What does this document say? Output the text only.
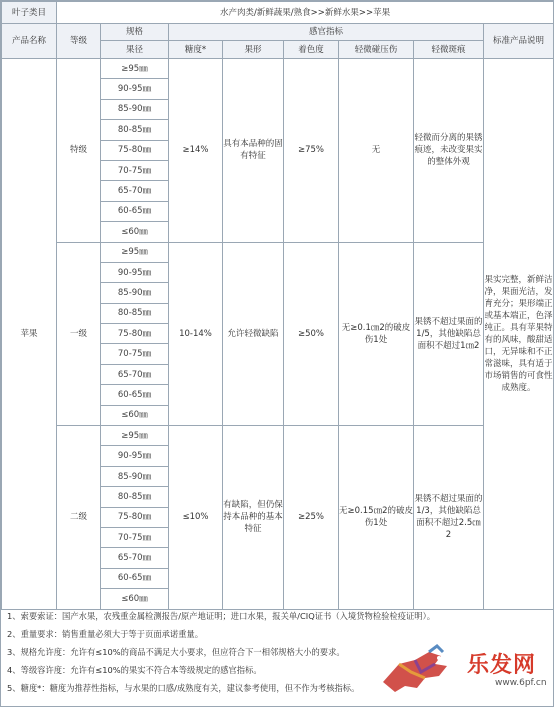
叶子类目	水产肉类/新鲜蔬果/熟食>>新鲜水果>>苹果							
产品名称	等级	规格	感官指标					标准产品说明
		果径	糖度*	果形	着色度	轻微碰压伤	轻微斑痕	
苹果	特级	≥95㎜	≥14%	具有本品种的固有特征	≥75%	无	轻微而分离的果锈痕迹，未改变果实的整体外观	果实完整，新鲜洁净，果面光洁，发育充分；果形端正或基本端正，色泽纯正。具有苹果特有的风味，酸甜适口，无异味和不正常滋味，具有适于市场销售的可食性成熟度。
		90-95㎜						
		85-90㎜						
		80-85㎜						
		75-80㎜						
		70-75㎜						
		65-70㎜						
		60-65㎜						
		≤60㎜						
	一级	≥95㎜	10-14%	允许轻微缺陷	≥50%	无≥0.1㎝2的破皮伤1处	果锈不超过果面的1/5，其他缺陷总面积不超过1㎝2	
		90-95㎜						
		85-90㎜						
		80-85㎜						
		75-80㎜						
		70-75㎜						
		65-70㎜						
		60-65㎜						
		≤60㎜						
	二级	≥95㎜	≤10%	有缺陷，但仍保持本品种的基本特征	≥25%	无≥0.15㎝2的破皮伤1处	果锈不超过果面的1/3，其他缺陷总面积不超过2.5㎝2	
		90-95㎜						
		85-90㎜						
		80-85㎜						
		75-80㎜						
		70-75㎜						
		65-70㎜						
		60-65㎜						
		≤60㎜						
1、索要索证：国产水果，农残重金属检测报告/原产地证明；进口水果，报关单/CIQ证书（入境货物检验检疫证明）。
2、重量要求：销售重量必须大于等于页面承诺重量。
3、规格允许度：允许有≤10%的商品不满足大小要求，但应符合下一相邻规格大小的要求。
4、等级容许度：允许有≤10%的果实不符合本等级规定的感官指标。
5、糖度*：糖度为推荐性指标，与水果的口感/成熟度有关，建议参考使用，但不作为考核指标。
乐发网
www.6pf.cn
